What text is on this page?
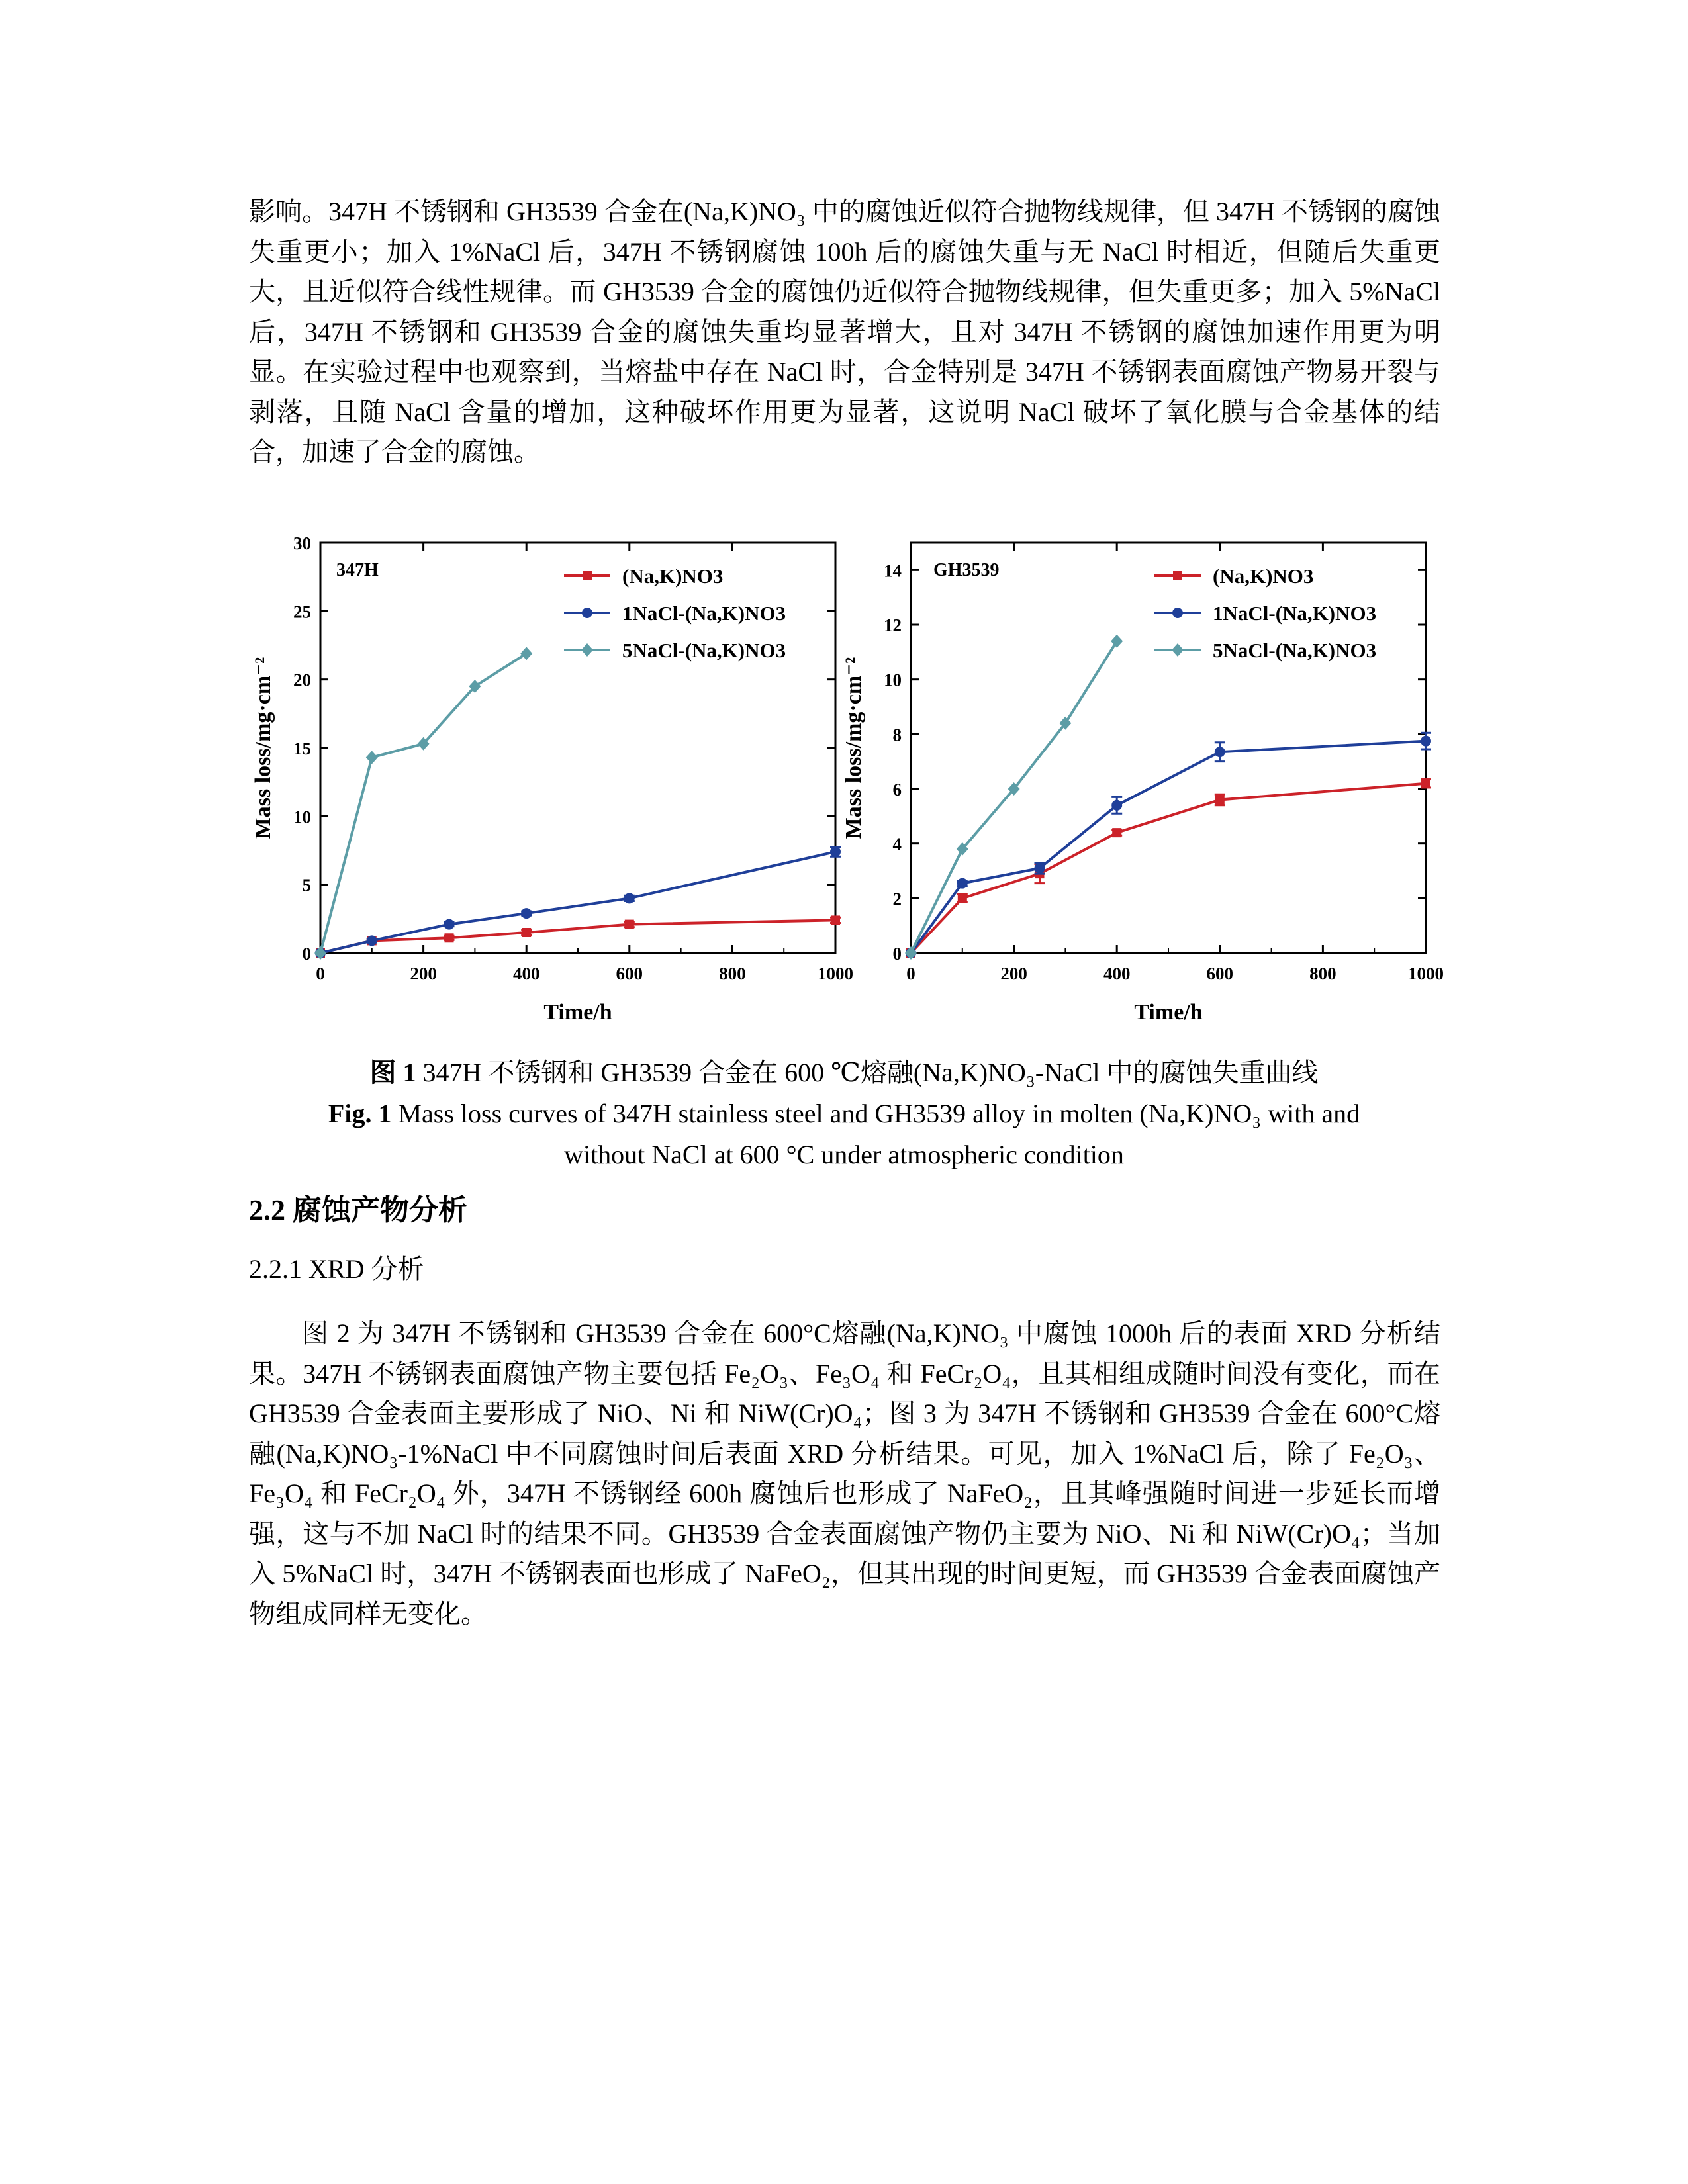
影响。347H 不锈钢和 GH3539 合金在(Na,K)NO₃ 中的腐蚀近似符合抛物线规律，但 347H 不锈钢的腐蚀失重更小；加入 1%NaCl 后，347H 不锈钢腐蚀 100h 后的腐蚀失重与无 NaCl 时相近，但随后失重更大，且近似符合线性规律。而 GH3539 合金的腐蚀仍近似符合抛物线规律，但失重更多；加入 5%NaCl 后，347H 不锈钢和 GH3539 合金的腐蚀失重均显著增大，且对 347H 不锈钢的腐蚀加速作用更为明显。在实验过程中也观察到，当熔盐中存在 NaCl 时，合金特别是 347H 不锈钢表面腐蚀产物易开裂与剥落，且随 NaCl 含量的增加，这种破坏作用更为显著，这说明 NaCl 破坏了氧化膜与合金基体的结合，加速了合金的腐蚀。

0	200	400	600	800	1000
0
5
10
15
20
25
30
Time/h
Mass loss/mg·cm⁻²
347H	(Na,K)NO3
1NaCl-(Na,K)NO3
5NaCl-(Na,K)NO3
0	200	400	600	800	1000
0
2
4
6
8
10
12
14
Time/h
Mass loss/mg·cm⁻²
GH3539	(Na,K)NO3
1NaCl-(Na,K)NO3
5NaCl-(Na,K)NO3
图 1 347H 不锈钢和 GH3539 合金在 600 ℃熔融(Na,K)NO₃-NaCl 中的腐蚀失重曲线
Fig. 1 Mass loss curves of 347H stainless steel and GH3539 alloy in molten (Na,K)NO₃ with and
without NaCl at 600 °C under atmospheric condition
2.2 腐蚀产物分析
2.2.1 XRD 分析

图 2 为 347H 不锈钢和 GH3539 合金在 600°C熔融(Na,K)NO₃ 中腐蚀 1000h 后的表面 XRD 分析结果。347H 不锈钢表面腐蚀产物主要包括 Fe₂O₃、Fe₃O₄ 和 FeCr₂O₄，且其相组成随时间没有变化，而在 GH3539 合金表面主要形成了 NiO、Ni 和 NiW(Cr)O₄；图 3 为 347H 不锈钢和 GH3539 合金在 600°C熔融(Na,K)NO₃-1%NaCl 中不同腐蚀时间后表面 XRD 分析结果。可见，加入 1%NaCl 后，除了 Fe₂O₃、Fe₃O₄ 和 FeCr₂O₄ 外，347H 不锈钢经 600h 腐蚀后也形成了 NaFeO₂，且其峰强随时间进一步延长而增强，这与不加 NaCl 时的结果不同。GH3539 合金表面腐蚀产物仍主要为 NiO、Ni 和 NiW(Cr)O₄；当加入 5%NaCl 时，347H 不锈钢表面也形成了 NaFeO₂，但其出现的时间更短，而 GH3539 合金表面腐蚀产物组成同样无变化。
